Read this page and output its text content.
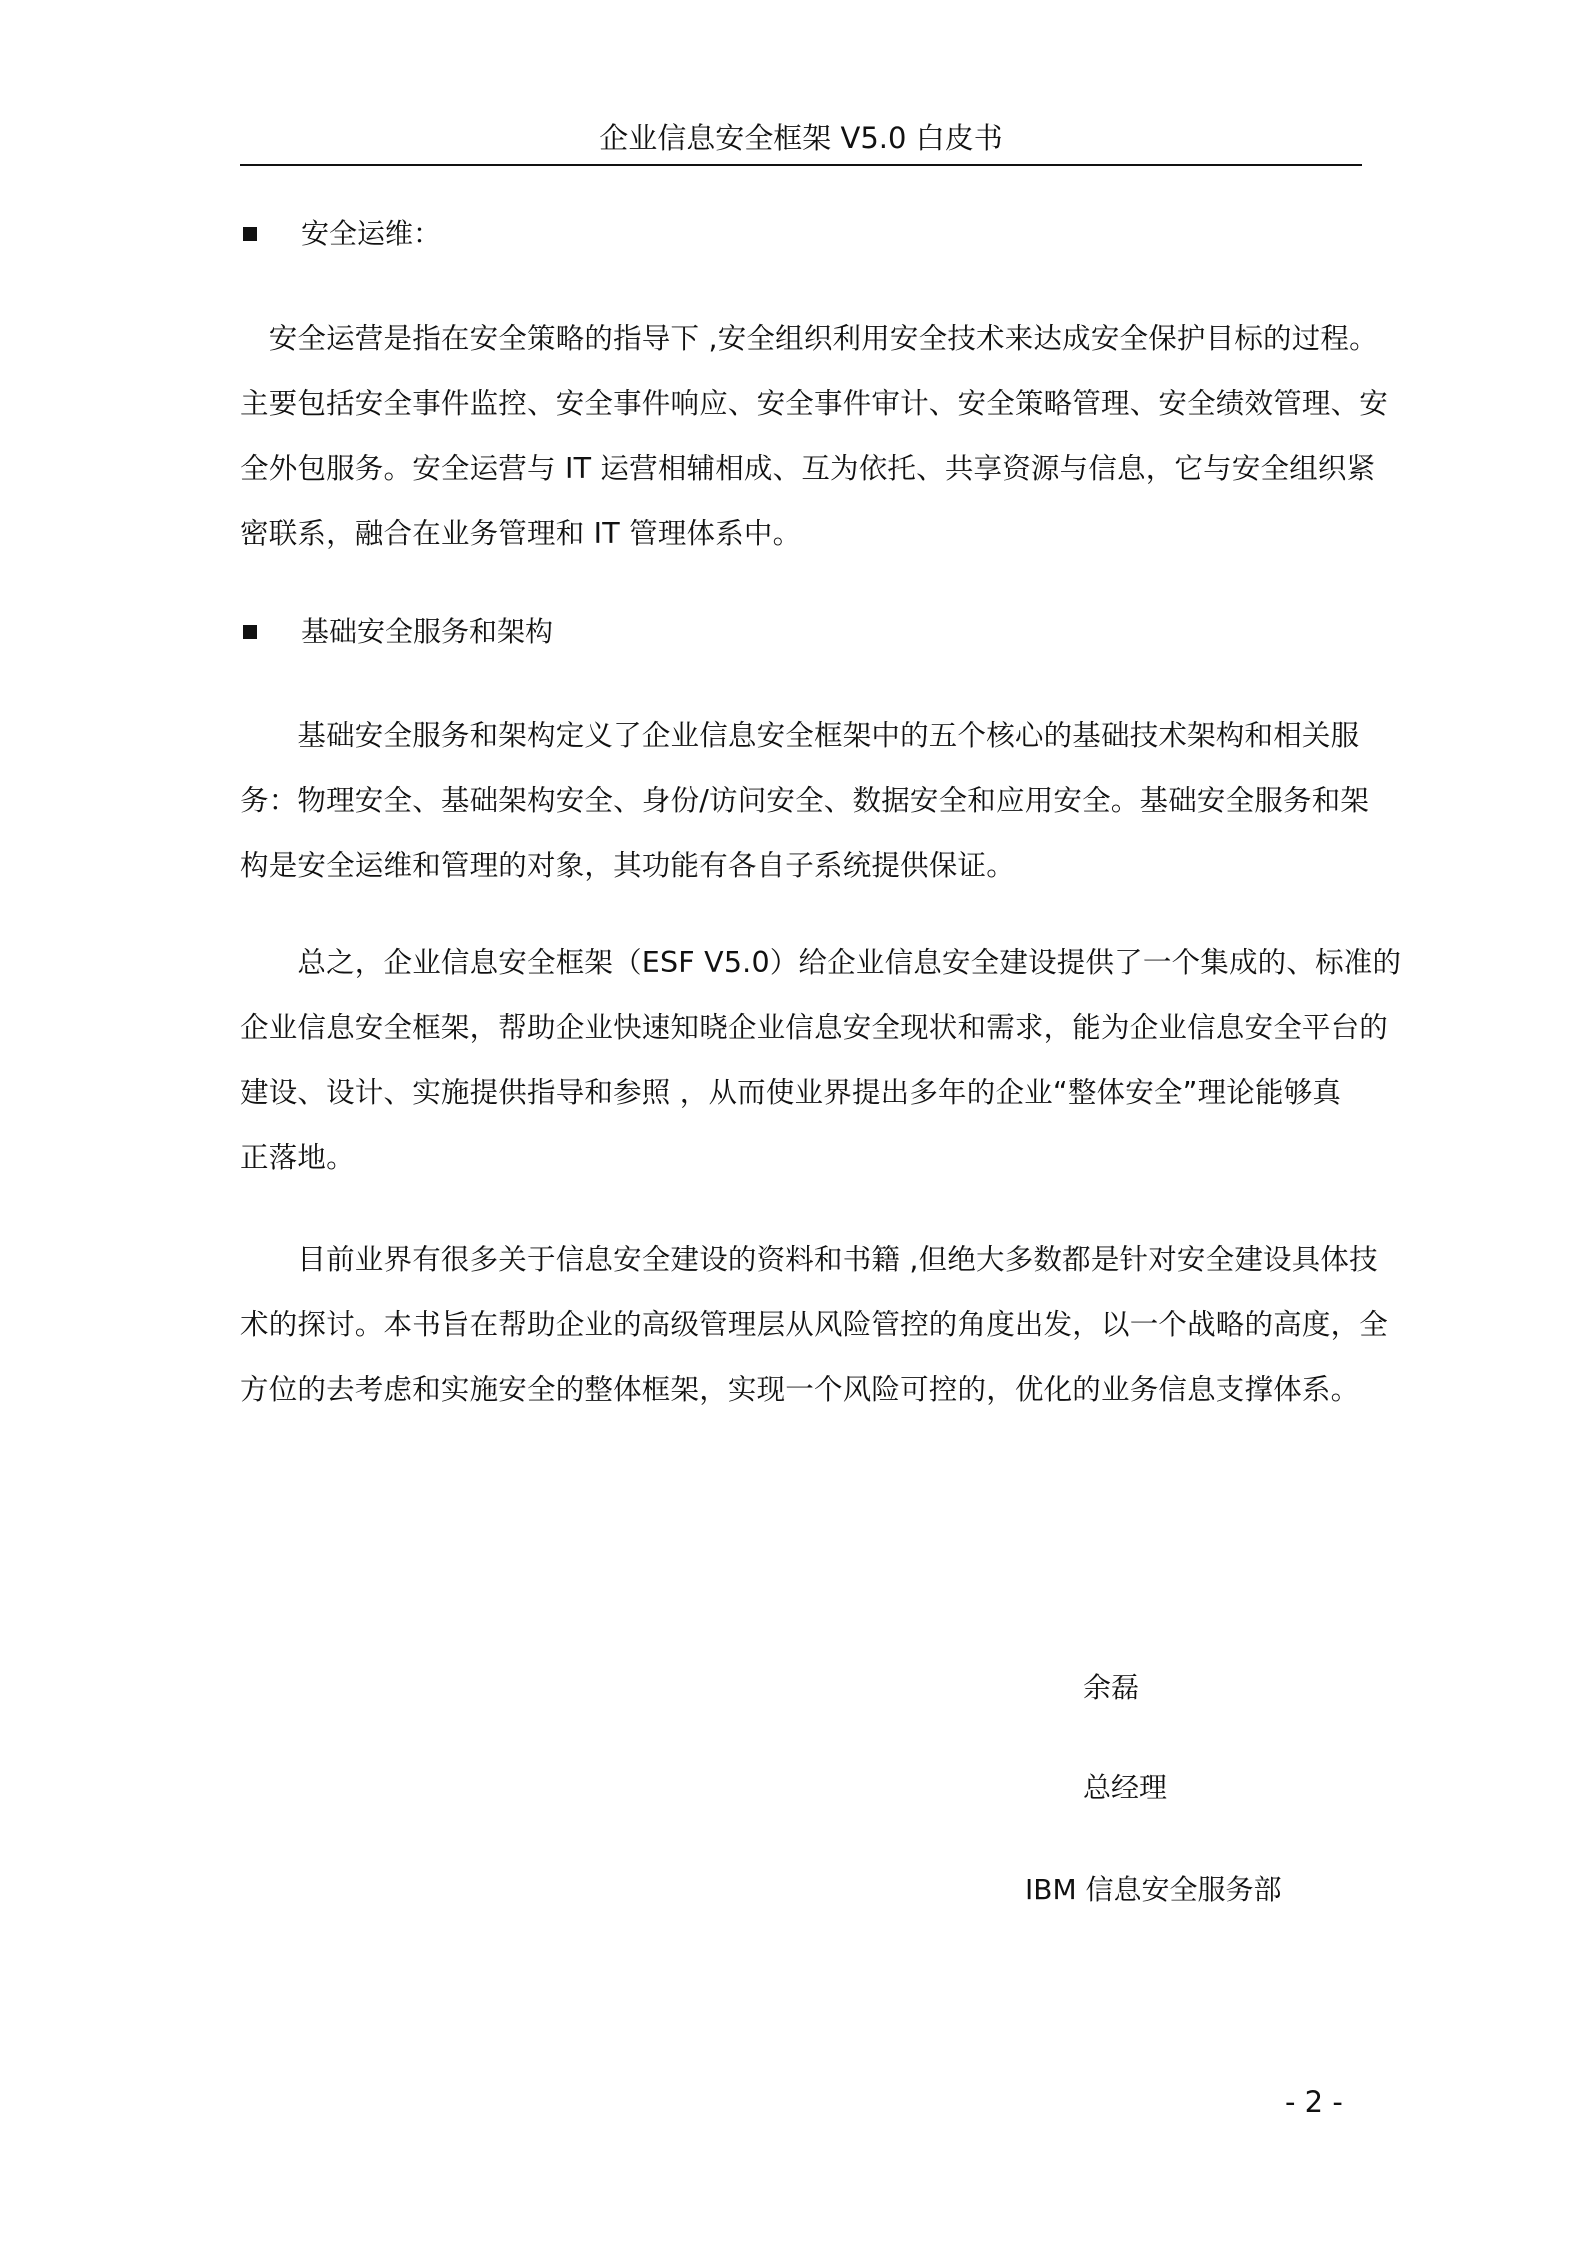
企业信息安全框架 V5.0 白皮书
安全运维：
　安全运营是指在安全策略的指导下 ,安全组织利用安全技术来达成安全保护目标的过程。
主要包括安全事件监控、安全事件响应、安全事件审计、安全策略管理、安全绩效管理、安
全外包服务。安全运营与 IT 运营相辅相成、互为依托、共享资源与信息，它与安全组织紧
密联系，融合在业务管理和 IT 管理体系中。
基础安全服务和架构
　　基础安全服务和架构定义了企业信息安全框架中的五个核心的基础技术架构和相关服
务：物理安全、基础架构安全、身份/访问安全、数据安全和应用安全。基础安全服务和架
构是安全运维和管理的对象，其功能有各自子系统提供保证。
　　总之，企业信息安全框架（ESF V5.0）给企业信息安全建设提供了一个集成的、标准的
企业信息安全框架，帮助企业快速知晓企业信息安全现状和需求，能为企业信息安全平台的
建设、设计、实施提供指导和参照 ，从而使业界提出多年的企业“整体安全”理论能够真
正落地。
　　目前业界有很多关于信息安全建设的资料和书籍 ,但绝大多数都是针对安全建设具体技
术的探讨。本书旨在帮助企业的高级管理层从风险管控的角度出发，以一个战略的高度，全
方位的去考虑和实施安全的整体框架，实现一个风险可控的，优化的业务信息支撑体系。
余磊
总经理
IBM 信息安全服务部
- 2 -
